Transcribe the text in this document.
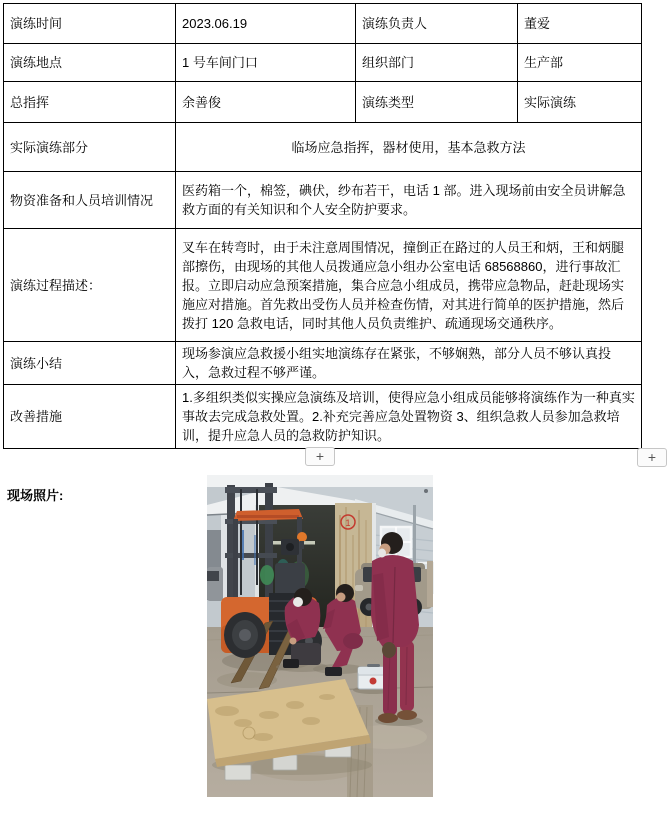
演练时间	2023.06.19	演练负责人	董爱
演练地点	1 号车间门口	组织部门	生产部
总指挥	余善俊	演练类型	实际演练
实际演练部分	临场应急指挥，器材使用，基本急救方法		
物资准备和人员培训情况	医药箱一个，棉签，碘伏，纱布若干，电话 1 部。进入现场前由安全员讲解急救方面的有关知识和个人安全防护要求。		
演练过程描述：	叉车在转弯时，由于未注意周围情况，撞倒正在路过的人员王和炳，王和炳腿部擦伤，由现场的其他人员拨通应急小组办公室电话 68568860，进行事故汇报。立即启动应急预案措施，集合应急小组成员，携带应急物品，赶赴现场实施应对措施。首先救出受伤人员并检查伤情，对其进行简单的医护措施，然后拨打 120 急救电话，同时其他人员负责维护、疏通现场交通秩序。		
演练小结	现场参演应急救援小组实地演练存在紧张，不够娴熟，部分人员不够认真投入，急救过程不够严谨。		
改善措施	1.多组织类似实操应急演练及培训，使得应急小组成员能够将演练作为一种真实事故去完成急救处置。2.补充完善应急处置物资 3、组织急救人员参加急救培训，提升应急人员的急救防护知识。		
+	+
现场照片:
1
